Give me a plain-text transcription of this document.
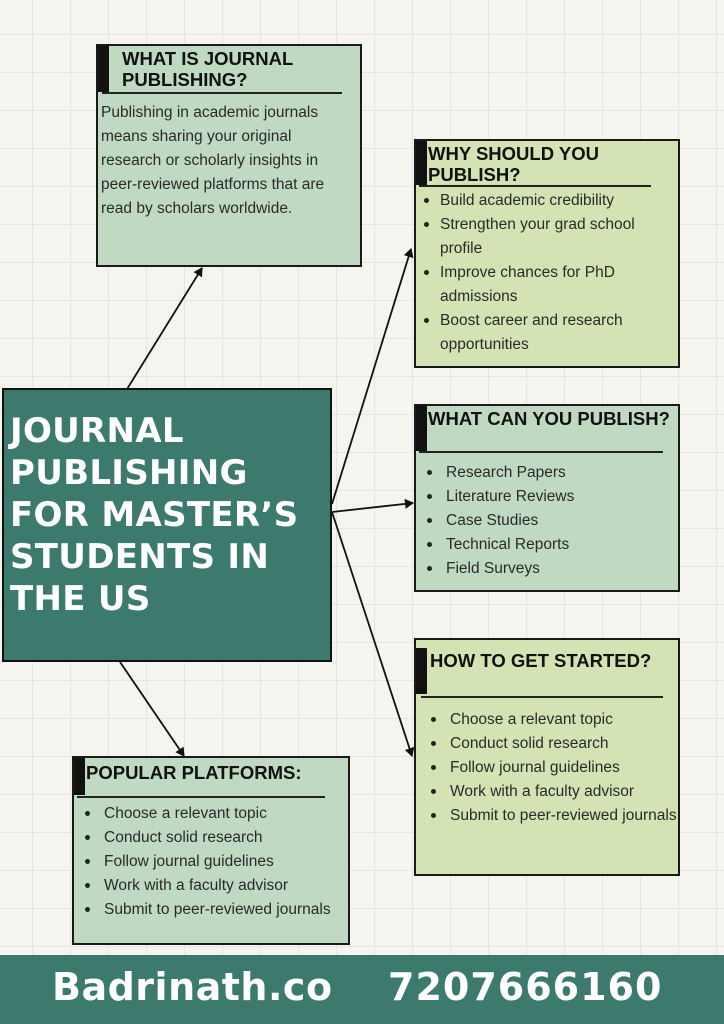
WHAT IS JOURNAL PUBLISHING?

Publishing in academic journals means sharing your original research or scholarly insights in peer-reviewed platforms that are read by scholars worldwide.

WHY SHOULD YOU PUBLISH?
Build academic credibility
Strengthen your grad school profile
Improve chances for PhD admissions
Boost career and research opportunities
WHAT CAN YOU PUBLISH?
Research Papers
Literature Reviews
Case Studies
Technical Reports
Field Surveys
HOW TO GET STARTED?
Choose a relevant topic
Conduct solid research
Follow journal guidelines
Work with a faculty advisor
Submit to peer-reviewed journals
POPULAR PLATFORMS:
Choose a relevant topic
Conduct solid research
Follow journal guidelines
Work with a faculty advisor
Submit to peer-reviewed journals
JOURNAL PUBLISHING FOR MASTER’S STUDENTS IN THE US
Badrinath.co 7207666160
